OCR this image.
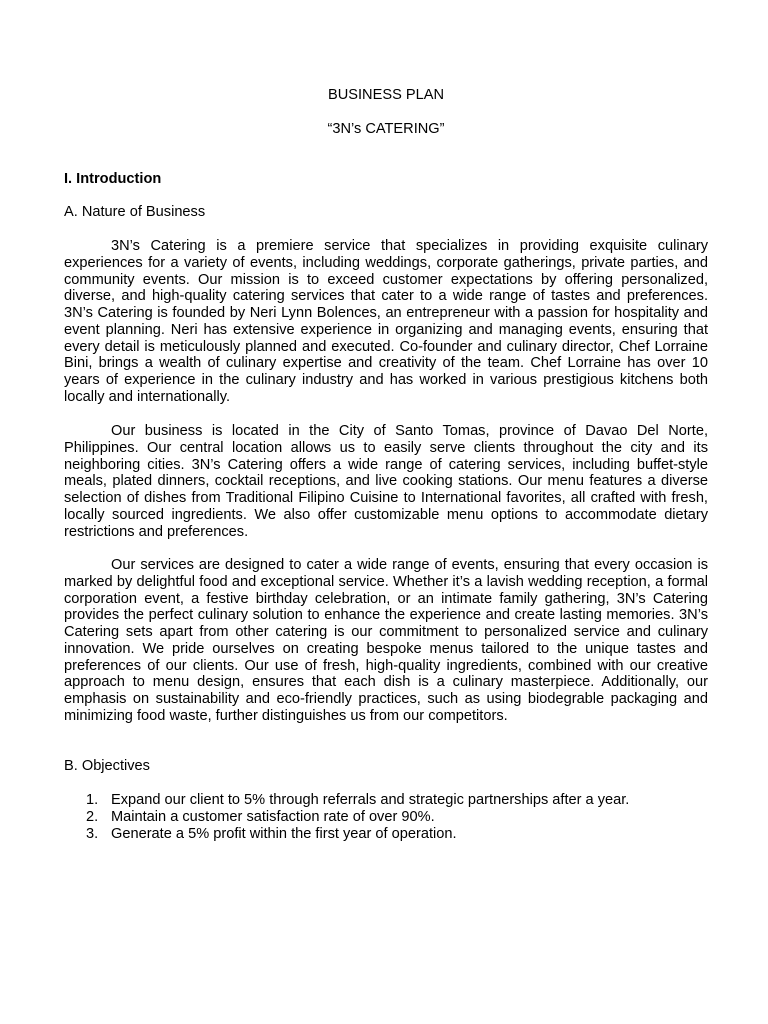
BUSINESS PLAN
“3N’s CATERING”
I. Introduction
A. Nature of Business

3N’s Catering is a premiere service that specializes in providing exquisite culinary experiences for a variety of events, including weddings, corporate gatherings, private parties, and community events. Our mission is to exceed customer expectations by offering personalized, diverse, and high-quality catering services that cater to a wide range of tastes and preferences. 3N’s Catering is founded by Neri Lynn Bolences, an entrepreneur with a passion for hospitality and event planning. Neri has extensive experience in organizing and managing events, ensuring that every detail is meticulously planned and executed. Co-founder and culinary director, Chef Lorraine Bini, brings a wealth of culinary expertise and creativity of the team. Chef Lorraine has over 10 years of experience in the culinary industry and has worked in various prestigious kitchens both locally and internationally.

Our business is located in the City of Santo Tomas, province of Davao Del Norte, Philippines. Our central location allows us to easily serve clients throughout the city and its neighboring cities. 3N’s Catering offers a wide range of catering services, including buffet-style meals, plated dinners, cocktail receptions, and live cooking stations. Our menu features a diverse selection of dishes from Traditional Filipino Cuisine to International favorites, all crafted with fresh, locally sourced ingredients. We also offer customizable menu options to accommodate dietary restrictions and preferences.

Our services are designed to cater a wide range of events, ensuring that every occasion is marked by delightful food and exceptional service. Whether it’s a lavish wedding reception, a formal corporation event, a festive birthday celebration, or an intimate family gathering, 3N’s Catering provides the perfect culinary solution to enhance the experience and create lasting memories. 3N’s Catering sets apart from other catering is our commitment to personalized service and culinary innovation. We pride ourselves on creating bespoke menus tailored to the unique tastes and preferences of our clients. Our use of fresh, high-quality ingredients, combined with our creative approach to menu design, ensures that each dish is a culinary masterpiece. Additionally, our emphasis on sustainability and eco-friendly practices, such as using biodegrable packaging and minimizing food waste, further distinguishes us from our competitors.

B. Objectives
1. Expand our client to 5% through referrals and strategic partnerships after a year.
2. Maintain a customer satisfaction rate of over 90%.
3. Generate a 5% profit within the first year of operation.
